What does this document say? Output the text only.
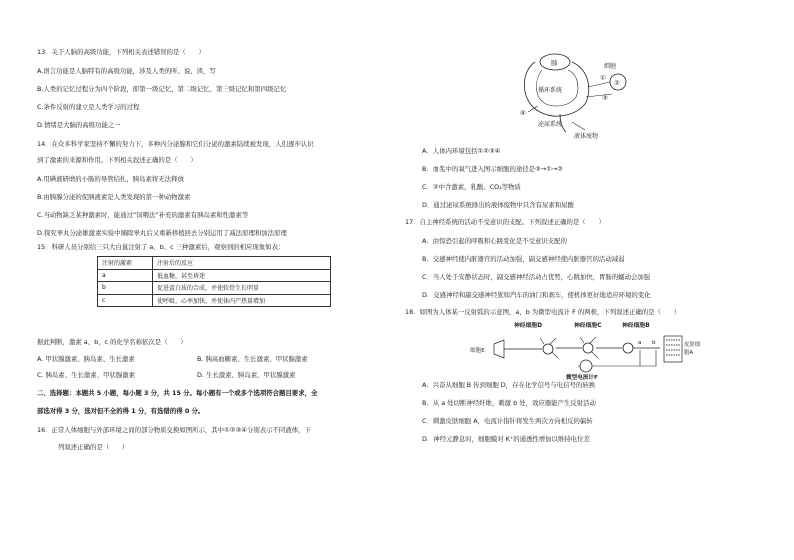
13．关于人脑的高级功能，下列相关表述错误的是（　　）
A.语言功能是人脑特有的高级功能，涉及人类的听、说、读、写
B.人类的记忆过程分为四个阶段，即第一级记忆、第二级记忆、第三级记忆和第四级记忆
C.条件反射的建立是人类学习的过程
D.情绪是大脑的高级功能之一
14．在众多科学家坚持不懈的努力下，多种内分泌腺和它们分泌的激素陆续被发现，人们逐步认识
到了激素的来源和作用。下列相关叙述正确的是（　　）
A.用碘液研磨的小肠的导管结扎，胰岛素将无法释放
B.由胰腺分泌的促胰液素是人类发现的第一种动物激素
C.当动物缺乏某种激素时，能通过“饲喂法”补充的激素有胰岛素和性激素等
D.探究睾丸分泌雄激素实验中摘除睾丸后又重新移植回去分别运用了减法原理和加法原理
15．科研人员分别给三只大白鼠注射了 a、b、c 三种激素后，观察到的相应现象如表：
注射的激素	注射后的反应
a	低血糖，甚至昏迷
b	促进蛋白质的合成，并使软骨生长明显
c	使呼吸、心率加快，并使体内产热量增加
据此判断，激素 a、b、c 的化学名称依次是（　　）
A. 甲状腺激素、胰岛素、生长激素	B. 胰高血糖素、生长激素、甲状腺激素
C. 胰岛素、生长激素、甲状腺激素	D. 生长激素、胰岛素、甲状腺激素
二、选择题：本题共 5 小题，每小题 3 分，共 15 分。每小题有一个或多个选项符合题目要求，全
部选对得 3 分，选对但不全的得 1 分，有选错的得 0 分。
16．正常人体细胞与外部环境之间的部分物质交换如图所示，其中①②③④分别表示不同液体，下
列叙述正确的是（　　）
肺
循环系统
细胞
①
②
③
④
泌尿系统
液体废物
A．人体内环境包括①②③④
B．血浆中的氧气进入图示细胞的途径是③→①→②
C．②中含激素、乳酸、CO₂等物质
D．通过泌尿系统排出的液体废物中只含有尿素和尿酸
17．自主神经系统的活动不受意识的支配。下列叙述正确的是（　　）
A．由惊恐引起的呼吸和心跳变化是不受意识支配的
B．交感神经使内脏器官的活动加强，副交感神经使内脏器官的活动减弱
C．当人处于安静状态时，副交感神经活动占优势，心跳加快，胃肠的蠕动会加强
D．交感神经和副交感神经犹如汽车的油门和刹车，使机体更好地适应环境的变化
18．如图为人体某一反射弧的示意图，a、b 为微型电流计 F 的两极，下列叙述正确的是（　　）
神经细胞D	神经细胞C	神经细胞B
细胞E
a b
微型电流计F
皮肤细
胞A
A．兴奋从细胞 B 传到细胞 D，存在化学信号与电信号的转换
B．从 a 处切断神经纤维，刺激 b 处，效应器能产生反射活动
C．刺激皮肤细胞 A，电流计指针将发生两次方向相反的偏转
D．神经元静息时，细胞膜对 K⁺的通透性增加以维持电位差
